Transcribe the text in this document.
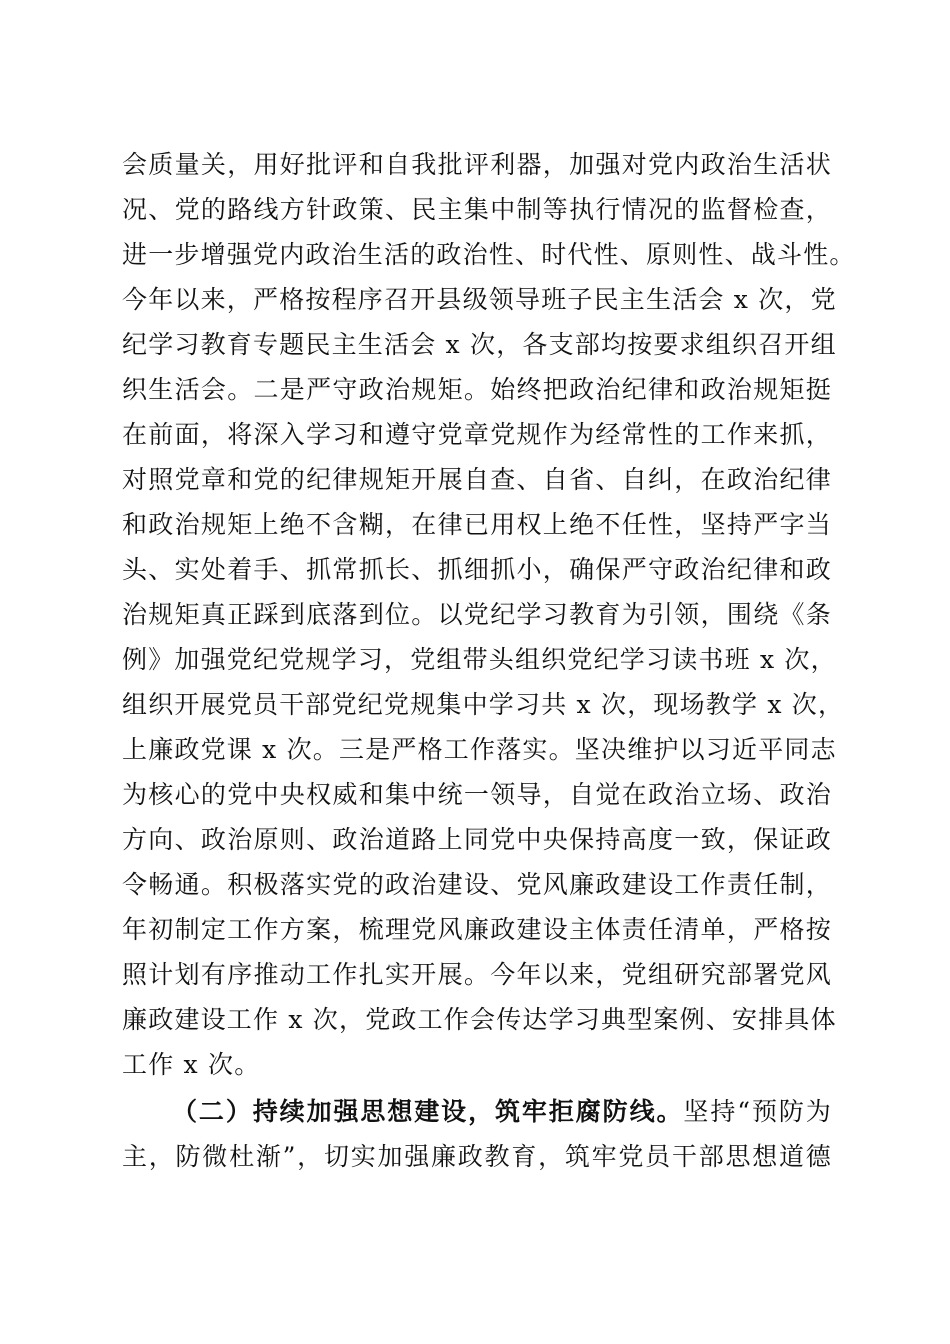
会质量关，用好批评和自我批评利器，加强对党内政治生活状
况、党的路线方针政策、民主集中制等执行情况的监督检查，
进一步增强党内政治生活的政治性、时代性、原则性、战斗性。
今年以来，严格按程序召开县级领导班子民主生活会 x 次，党
纪学习教育专题民主生活会 x 次，各支部均按要求组织召开组
织生活会。二是严守政治规矩。始终把政治纪律和政治规矩挺
在前面，将深入学习和遵守党章党规作为经常性的工作来抓，
对照党章和党的纪律规矩开展自查、自省、自纠，在政治纪律
和政治规矩上绝不含糊，在律已用权上绝不任性，坚持严字当
头、实处着手、抓常抓长、抓细抓小，确保严守政治纪律和政
治规矩真正踩到底落到位。以党纪学习教育为引领，围绕《条
例》加强党纪党规学习，党组带头组织党纪学习读书班 x 次，
组织开展党员干部党纪党规集中学习共 x 次，现场教学 x 次，
上廉政党课 x 次。三是严格工作落实。坚决维护以习近平同志
为核心的党中央权威和集中统一领导，自觉在政治立场、政治
方向、政治原则、政治道路上同党中央保持高度一致，保证政
令畅通。积极落实党的政治建设、党风廉政建设工作责任制，
年初制定工作方案，梳理党风廉政建设主体责任清单，严格按
照计划有序推动工作扎实开展。今年以来，党组研究部署党风
廉政建设工作 x 次，党政工作会传达学习典型案例、安排具体
工作 x 次。
（二）持续加强思想建设，筑牢拒腐防线。坚持“预防为
主，防微杜渐”，切实加强廉政教育，筑牢党员干部思想道德
